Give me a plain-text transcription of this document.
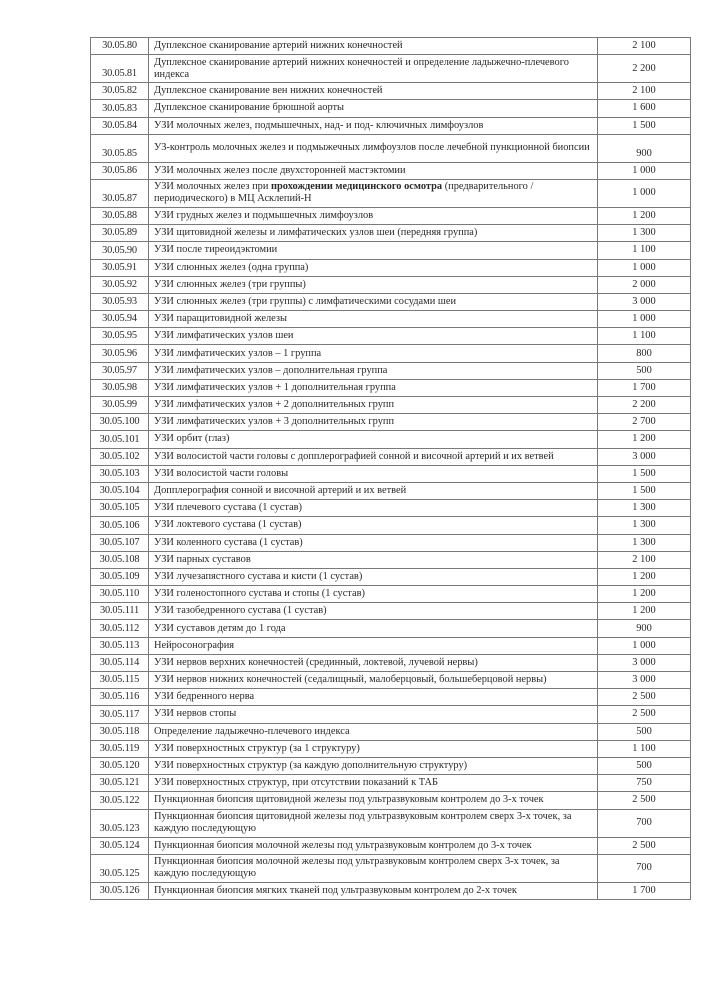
30.05.80	Дуплексное сканирование артерий нижних конечностей	2 100
30.05.81	Дуплексное сканирование артерий нижних конечностей и определение ладыжечно-плечевого индекса	2 200
30.05.82	Дуплексное сканирование вен нижних конечностей	2 100
30.05.83	Дуплексное сканирование брюшной аорты	1 600
30.05.84	УЗИ молочных желез, подмышечных, над- и под- ключичных лимфоузлов	1 500
30.05.85	УЗ-контроль молочных желез и подмыжечных лимфоузлов после лечебной пункционной биопсии	900
30.05.86	УЗИ молочных желез после двухсторонней мастэктомии	1 000
30.05.87	УЗИ молочных желез при прохождении медицинского осмотра (предварительного / периодического) в МЦ Асклепий-Н	1 000
30.05.88	УЗИ грудных желез и подмышечных лимфоузлов	1 200
30.05.89	УЗИ щитовидной железы и лимфатических узлов шеи (передняя группа)	1 300
30.05.90	УЗИ после тиреоидэктомии	1 100
30.05.91	УЗИ слюнных желез (одна группа)	1 000
30.05.92	УЗИ слюнных желез (три группы)	2 000
30.05.93	УЗИ слюнных желез (три группы) с лимфатическими сосудами шеи	3 000
30.05.94	УЗИ паращитовидной железы	1 000
30.05.95	УЗИ лимфатических узлов шеи	1 100
30.05.96	УЗИ лимфатических узлов – 1 группа	800
30.05.97	УЗИ лимфатических узлов – дополнительная группа	500
30.05.98	УЗИ лимфатических узлов + 1 дополнительная группа	1 700
30.05.99	УЗИ лимфатических узлов + 2 дополнительных групп	2 200
30.05.100	УЗИ лимфатических узлов + 3 дополнительных групп	2 700
30.05.101	УЗИ орбит (глаз)	1 200
30.05.102	УЗИ волосистой части головы с допплерографией сонной и височной артерий и их ветвей	3 000
30.05.103	УЗИ волосистой части головы	1 500
30.05.104	Допплерография сонной и височной артерий и их ветвей	1 500
30.05.105	УЗИ плечевого сустава (1 сустав)	1 300
30.05.106	УЗИ локтевого сустава (1 сустав)	1 300
30.05.107	УЗИ коленного сустава (1 сустав)	1 300
30.05.108	УЗИ парных суставов	2 100
30.05.109	УЗИ лучезапястного сустава и кисти (1 сустав)	1 200
30.05.110	УЗИ голеностопного сустава и стопы (1 сустав)	1 200
30.05.111	УЗИ тазобедренного сустава (1 сустав)	1 200
30.05.112	УЗИ суставов детям до 1 года	900
30.05.113	Нейросонография	1 000
30.05.114	УЗИ нервов верхних конечностей (срединный, локтевой, лучевой нервы)	3 000
30.05.115	УЗИ нервов нижних конечностей (седалищный, малоберцовый, большеберцовой нервы)	3 000
30.05.116	УЗИ бедренного нерва	2 500
30.05.117	УЗИ нервов стопы	2 500
30.05.118	Определение ладыжечно-плечевого индекса	500
30.05.119	УЗИ поверхностных структур (за 1 структуру)	1 100
30.05.120	УЗИ поверхностных структур (за каждую дополнительную структуру)	500
30.05.121	УЗИ поверхностных структур, при отсутствии показаний к ТАБ	750
30.05.122	Пункционная биопсия щитовидной железы под ультразвуковым контролем до 3-х точек	2 500
30.05.123	Пункционная биопсия щитовидной железы под ультразвуковым контролем сверх 3-х точек, за каждую последующую	700
30.05.124	Пункционная биопсия молочной железы под ультразвуковым контролем до 3-х точек	2 500
30.05.125	Пункционная биопсия молочной железы под ультразвуковым контролем сверх 3-х точек, за каждую последующую	700
30.05.126	Пункционная биопсия мягких тканей под ультразвуковым контролем до 2-х точек	1 700
